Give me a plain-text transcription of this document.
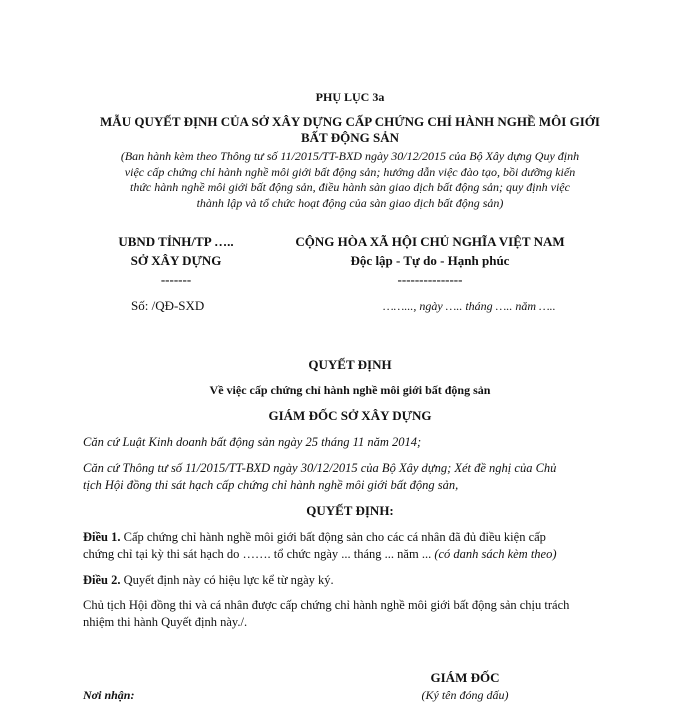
PHỤ LỤC 3a
MẪU QUYẾT ĐỊNH CỦA SỞ XÂY DỰNG CẤP CHỨNG CHỈ HÀNH NGHỀ MÔI GIỚI
BẤT ĐỘNG SẢN
(Ban hành kèm theo Thông tư số 11/2015/TT-BXD ngày 30/12/2015 của Bộ Xây dựng Quy định
việc cấp chứng chỉ hành nghề môi giới bất động sản; hướng dẫn việc đào tạo, bồi dưỡng kiến
thức hành nghề môi giới bất động sản, điều hành sàn giao dịch bất động sản; quy định việc
thành lập và tổ chức hoạt động của sàn giao dịch bất động sản)
UBND TỈNH/TP …..
SỞ XÂY DỰNG
-------
CỘNG HÒA XÃ HỘI CHỦ NGHĨA VIỆT NAM
Độc lập - Tự do - Hạnh phúc
---------------
Số: /QĐ-SXD	……..., ngày ….. tháng ….. năm …..
QUYẾT ĐỊNH
Về việc cấp chứng chỉ hành nghề môi giới bất động sản
GIÁM ĐỐC SỞ XÂY DỰNG
Căn cứ Luật Kinh doanh bất động sản ngày 25 tháng 11 năm 2014;
Căn cứ Thông tư số 11/2015/TT-BXD ngày 30/12/2015 của Bộ Xây dựng; Xét đề nghị của Chủ
tịch Hội đồng thi sát hạch cấp chứng chỉ hành nghề môi giới bất động sản,
QUYẾT ĐỊNH:
Điều 1. Cấp chứng chỉ hành nghề môi giới bất động sản cho các cá nhân đã đủ điều kiện cấp
chứng chỉ tại kỳ thi sát hạch do ……. tổ chức ngày ... tháng ... năm ... (có danh sách kèm theo)
Điều 2. Quyết định này có hiệu lực kể từ ngày ký.
Chủ tịch Hội đồng thi và cá nhân được cấp chứng chỉ hành nghề môi giới bất động sản chịu trách
nhiệm thi hành Quyết định này./.
GIÁM ĐỐC
(Ký tên đóng dấu)
Nơi nhận:
